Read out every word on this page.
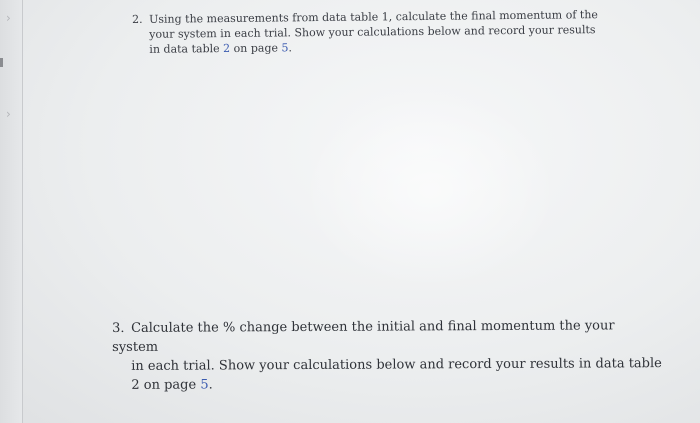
›
›
2. Using the measurements from data table 1, calculate the final momentum of the
your system in each trial. Show your calculations below and record your results
in data table 2 on page 5.
3. Calculate the % change between the initial and final momentum the your system
in each trial. Show your calculations below and record your results in data table
2 on page 5.
